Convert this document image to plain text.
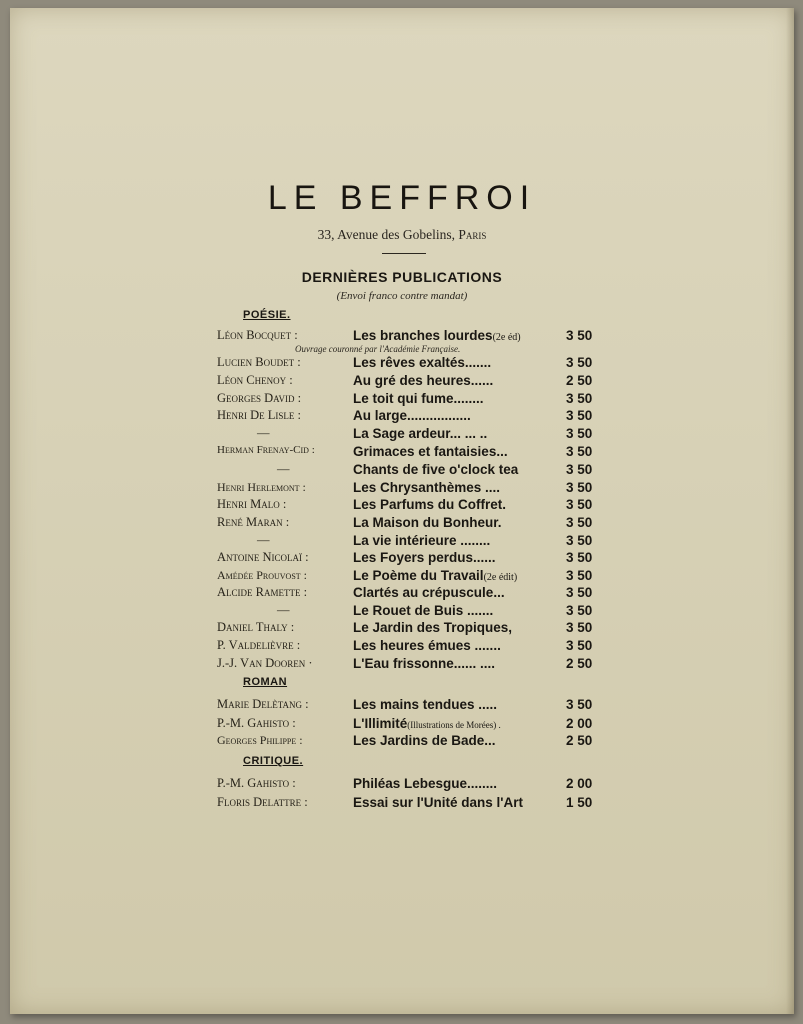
LE BEFFROI
33, Avenue des Gobelins, Paris
DERNIÈRES PUBLICATIONS
(Envoi franco contre mandat)
POÉSIE.
ROMAN
CRITIQUE.
Ouvrage couronné par l'Académie Française.
Léon Bocquet :	Les branches lourdes(2e éd)	3 50
Lucien Boudet :	Les rêves exaltés.......	3 50
Léon Chenoy :	Au gré des heures......	2 50
Georges David :	Le toit qui fume........	3 50
Henri De Lisle :	Au large.................	3 50
—	La Sage ardeur... ... ..	3 50
Herman Frenay-Cid :	Grimaces et fantaisies...	3 50
—	Chants de five o'clock tea	3 50
Henri Herlemont :	Les Chrysanthèmes ....	3 50
Henri Malo :	Les Parfums du Coffret.	3 50
René Maran :	La Maison du Bonheur.	3 50
—	La vie intérieure ........	3 50
Antoine Nicolaï :	Les Foyers perdus......	3 50
Amédée Prouvost :	Le Poème du Travail(2e édit)	3 50
Alcide Ramette :	Clartés au crépuscule...	3 50
—	Le Rouet de Buis .......	3 50
Daniel Thaly :	Le Jardin des Tropiques,	3 50
P. Valdelièvre :	Les heures émues .......	3 50
J.-J. Van Dooren ·	L'Eau frissonne...... ....	2 50
Marie Delètang :	Les mains tendues .....	3 50
P.-M. Gahisto :	L'Illimité(Illustrations de Morées) .	2 00
Georges Philippe :	Les Jardins de Bade...	2 50
P.-M. Gahisto :	Philéas Lebesgue........	2 00
Floris Delattre :	Essai sur l'Unité dans l'Art	1 50
